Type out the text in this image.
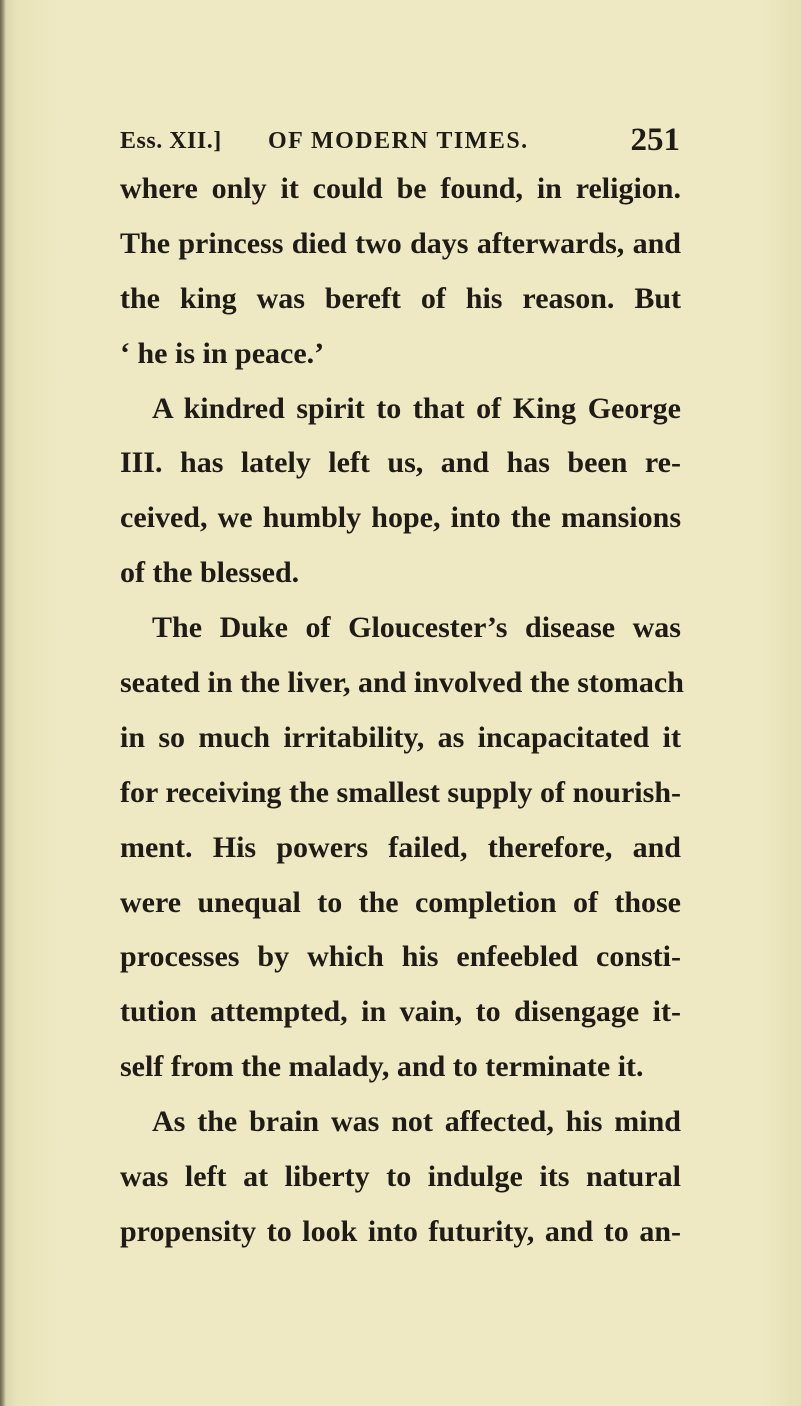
Ess. XII.] OF MODERN TIMES.	251
where only it could be found, in religion.
The princess died two days afterwards, and
the king was bereft of his reason. But
‘ he is in peace.’
A kindred spirit to that of King George
III. has lately left us, and has been re-
ceived, we humbly hope, into the mansions
of the blessed.
The Duke of Gloucester’s disease was
seated in the liver, and involved the stomach
in so much irritability, as incapacitated it
for receiving the smallest supply of nourish-
ment. His powers failed, therefore, and
were unequal to the completion of those
processes by which his enfeebled consti-
tution attempted, in vain, to disengage it-
self from the malady, and to terminate it.
As the brain was not affected, his mind
was left at liberty to indulge its natural
propensity to look into futurity, and to an-
